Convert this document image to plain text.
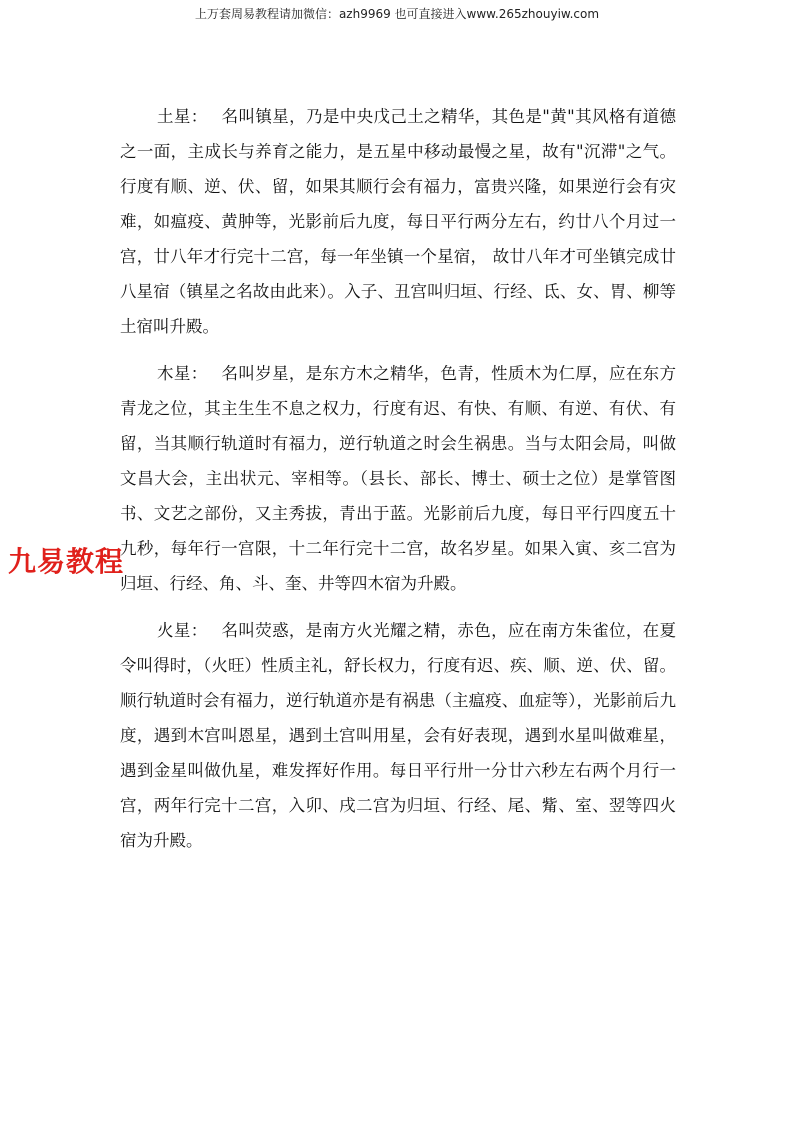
上万套周易教程请加微信：azh9969 也可直接进入www.265zhouyiw.com
九易教程

土星： 名叫镇星，乃是中央戊己土之精华，其色是"黄"其风格有道德之一面，主成长与养育之能力，是五星中移动最慢之星，故有"沉滞"之气。行度有顺、逆、伏、留，如果其顺行会有福力，富贵兴隆，如果逆行会有灾难，如瘟疫、黄肿等，光影前后九度，每日平行两分左右，约廿八个月过一宫，廿八年才行完十二宫，每一年坐镇一个星宿， 故廿八年才可坐镇完成廿八星宿（镇星之名故由此来）。入子、丑宫叫归垣、行经、氐、女、胃、柳等土宿叫升殿。

木星： 名叫岁星，是东方木之精华，色青，性质木为仁厚，应在东方青龙之位，其主生生不息之权力，行度有迟、有快、有顺、有逆、有伏、有留，当其顺行轨道时有福力，逆行轨道之时会生祸患。当与太阳会局，叫做文昌大会，主出状元、宰相等。（县长、部长、博士、硕士之位）是掌管图书、文艺之部份，又主秀拔，青出于蓝。光影前后九度，每日平行四度五十九秒，每年行一宫限，十二年行完十二宫，故名岁星。如果入寅、亥二宫为归垣、行经、角、斗、奎、井等四木宿为升殿。

火星： 名叫荧惑，是南方火光耀之精，赤色，应在南方朱雀位，在夏令叫得时，（火旺）性质主礼，舒长权力，行度有迟、疾、顺、逆、伏、留。顺行轨道时会有福力，逆行轨道亦是有祸患（主瘟疫、血症等），光影前后九度，遇到木宫叫恩星，遇到土宫叫用星，会有好表现，遇到水星叫做难星，遇到金星叫做仇星，难发挥好作用。每日平行卅一分廿六秒左右两个月行一宫，两年行完十二宫，入卯、戌二宫为归垣、行经、尾、觜、室、翌等四火宿为升殿。
